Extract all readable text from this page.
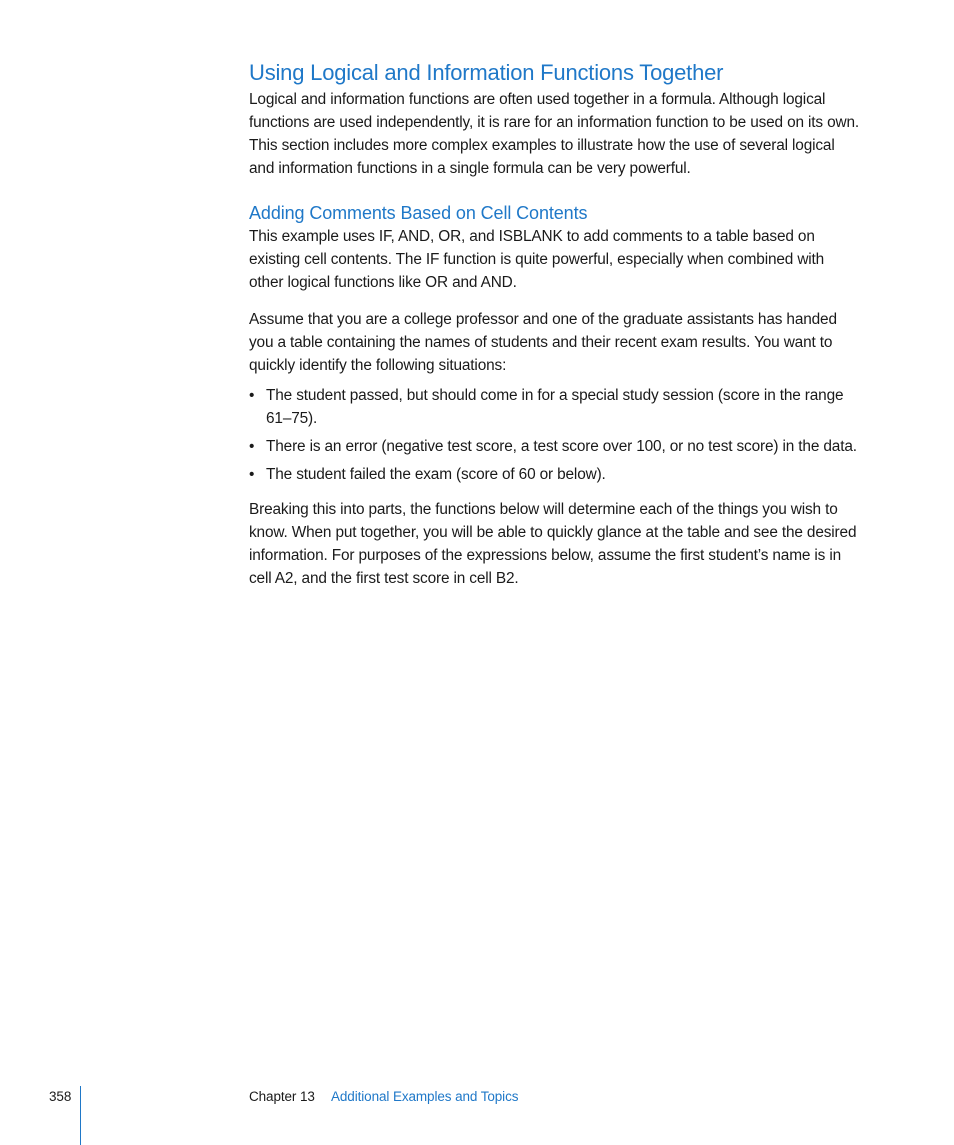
Using Logical and Information Functions Together

Logical and information functions are often used together in a formula. Although logical functions are used independently, it is rare for an information function to be used on its own. This section includes more complex examples to illustrate how the use of several logical and information functions in a single formula can be very powerful.

Adding Comments Based on Cell Contents

This example uses IF, AND, OR, and ISBLANK to add comments to a table based on existing cell contents. The IF function is quite powerful, especially when combined with other logical functions like OR and AND.

Assume that you are a college professor and one of the graduate assistants has handed you a table containing the names of students and their recent exam results. You want to quickly identify the following situations:

• The student passed, but should come in for a special study session (score in the range 61–75).
• There is an error (negative test score, a test score over 100, or no test score) in the data.
• The student failed the exam (score of 60 or below).

Breaking this into parts, the functions below will determine each of the things you wish to know. When put together, you will be able to quickly glance at the table and see the desired information. For purposes of the expressions below, assume the first student’s name is in cell A2, and the first test score in cell B2.

358	Chapter 13 Additional Examples and Topics
